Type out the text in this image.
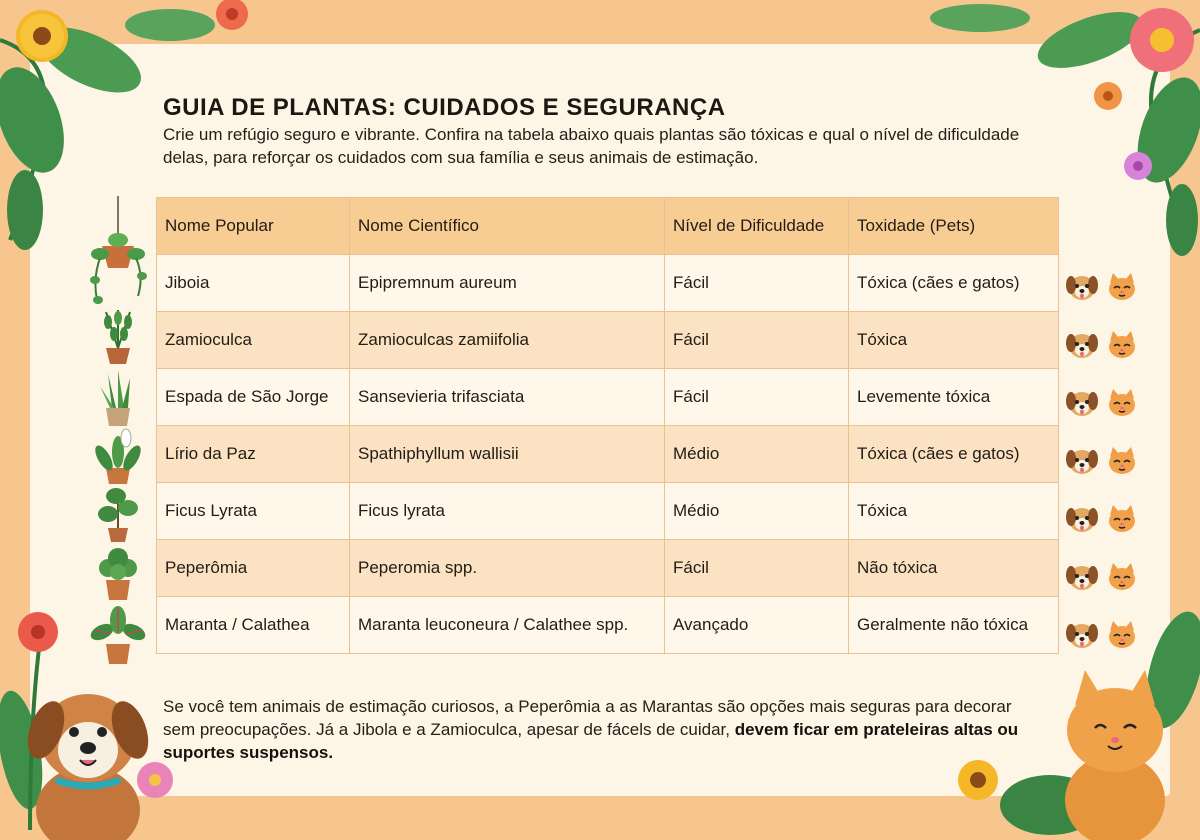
GUIA DE PLANTAS: CUIDADOS E SEGURANÇA

Crie um refúgio seguro e vibrante. Confira na tabela abaixo quais plantas são tóxicas e qual o nível de dificuldade delas, para reforçar os cuidados com sua família e seus animais de estimação.

Nome Popular	Nome Científico	Nível de Dificuldade	Toxidade (Pets)
Jiboia	Epipremnum aureum	Fácil	Tóxica (cães e gatos)
Zamioculca	Zamioculcas zamiifolia	Fácil	Tóxica
Espada de São Jorge	Sansevieria trifasciata	Fácil	Levemente tóxica
Lírio da Paz	Spathiphyllum wallisii	Médio	Tóxica (cães e gatos)
Ficus Lyrata	Ficus lyrata	Médio	Tóxica
Peperômia	Peperomia spp.	Fácil	Não tóxica
Maranta / Calathea	Maranta leuconeura / Calathee spp.	Avançado	Geralmente não tóxica

Se você tem animais de estimação curiosos, a Peperômia a as Marantas são opções mais seguras para decorar sem preocupações. Já a Jibola e a Zamioculca, apesar de fácels de cuidar, devem ficar em prateleiras altas ou suportes suspensos.
